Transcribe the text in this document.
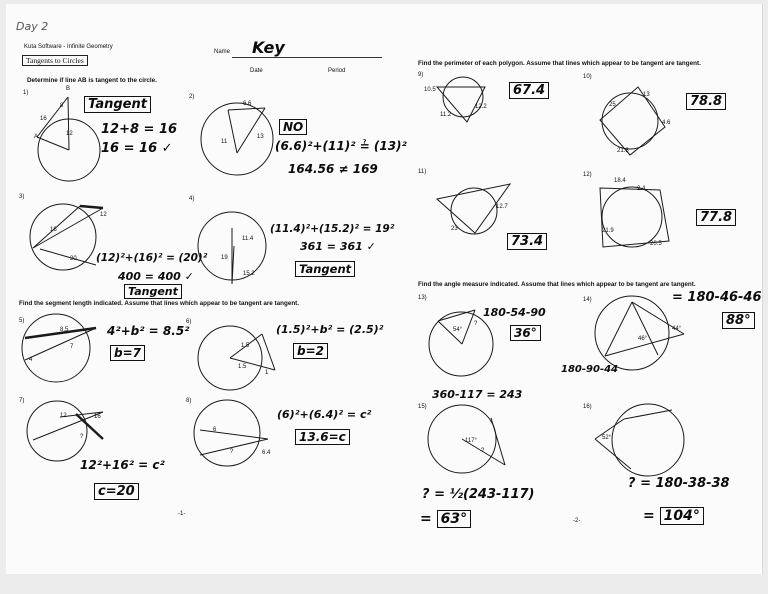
Day 2
Kuta Software - Infinite Geometry
Tangents to Circles
Name Key
Date	Period
Determine if line AB is tangent to the circle.
Find the segment length indicated. Assume that lines which appear to be tangent are tangent.
Find the perimeter of each polygon. Assume that lines which appear to be tangent are tangent.
Find the angle measure indicated. Assume that lines which appear to be tangent are tangent.
1)
2)
3)	4)
5)	6)
7)	8)
9)	10)
11)	12)
13)	14)
15)	16)
A
B
16
12
8	6.6
11
13
12
16
20
11.4
15.2
19
8.5
7
4
1.5
1.5
1
12	16
?
6
6.4
?
10.5
11.2
12.2	25
13
4.6
21.8
12.7
23
18.4
2.4
21.9
20.5
54°
?
46°
44°
117°
?
52°
Tangent
12+8 = 16
16 = 16 ✓
NO
(6.6)²+(11)² ≟ (13)²
164.56 ≠ 169
(12)²+(16)² = (20)²
400 = 400 ✓
Tangent
(11.4)²+(15.2)² = 19²
361 = 361 ✓
Tangent
4²+b² = 8.5²
b=7
(1.5)²+b² = (2.5)²
b=2
12²+16² = c²
c=20
(6)²+(6.4)² = c²
13.6=c
67.4
78.8
73.4
77.8
180-54-90
36°
= 180-46-46
88°
180-90-44
360-117 = 243
? = ½(243-117)
= 63°
? = 180-38-38
= 104°
-1-
-2-
